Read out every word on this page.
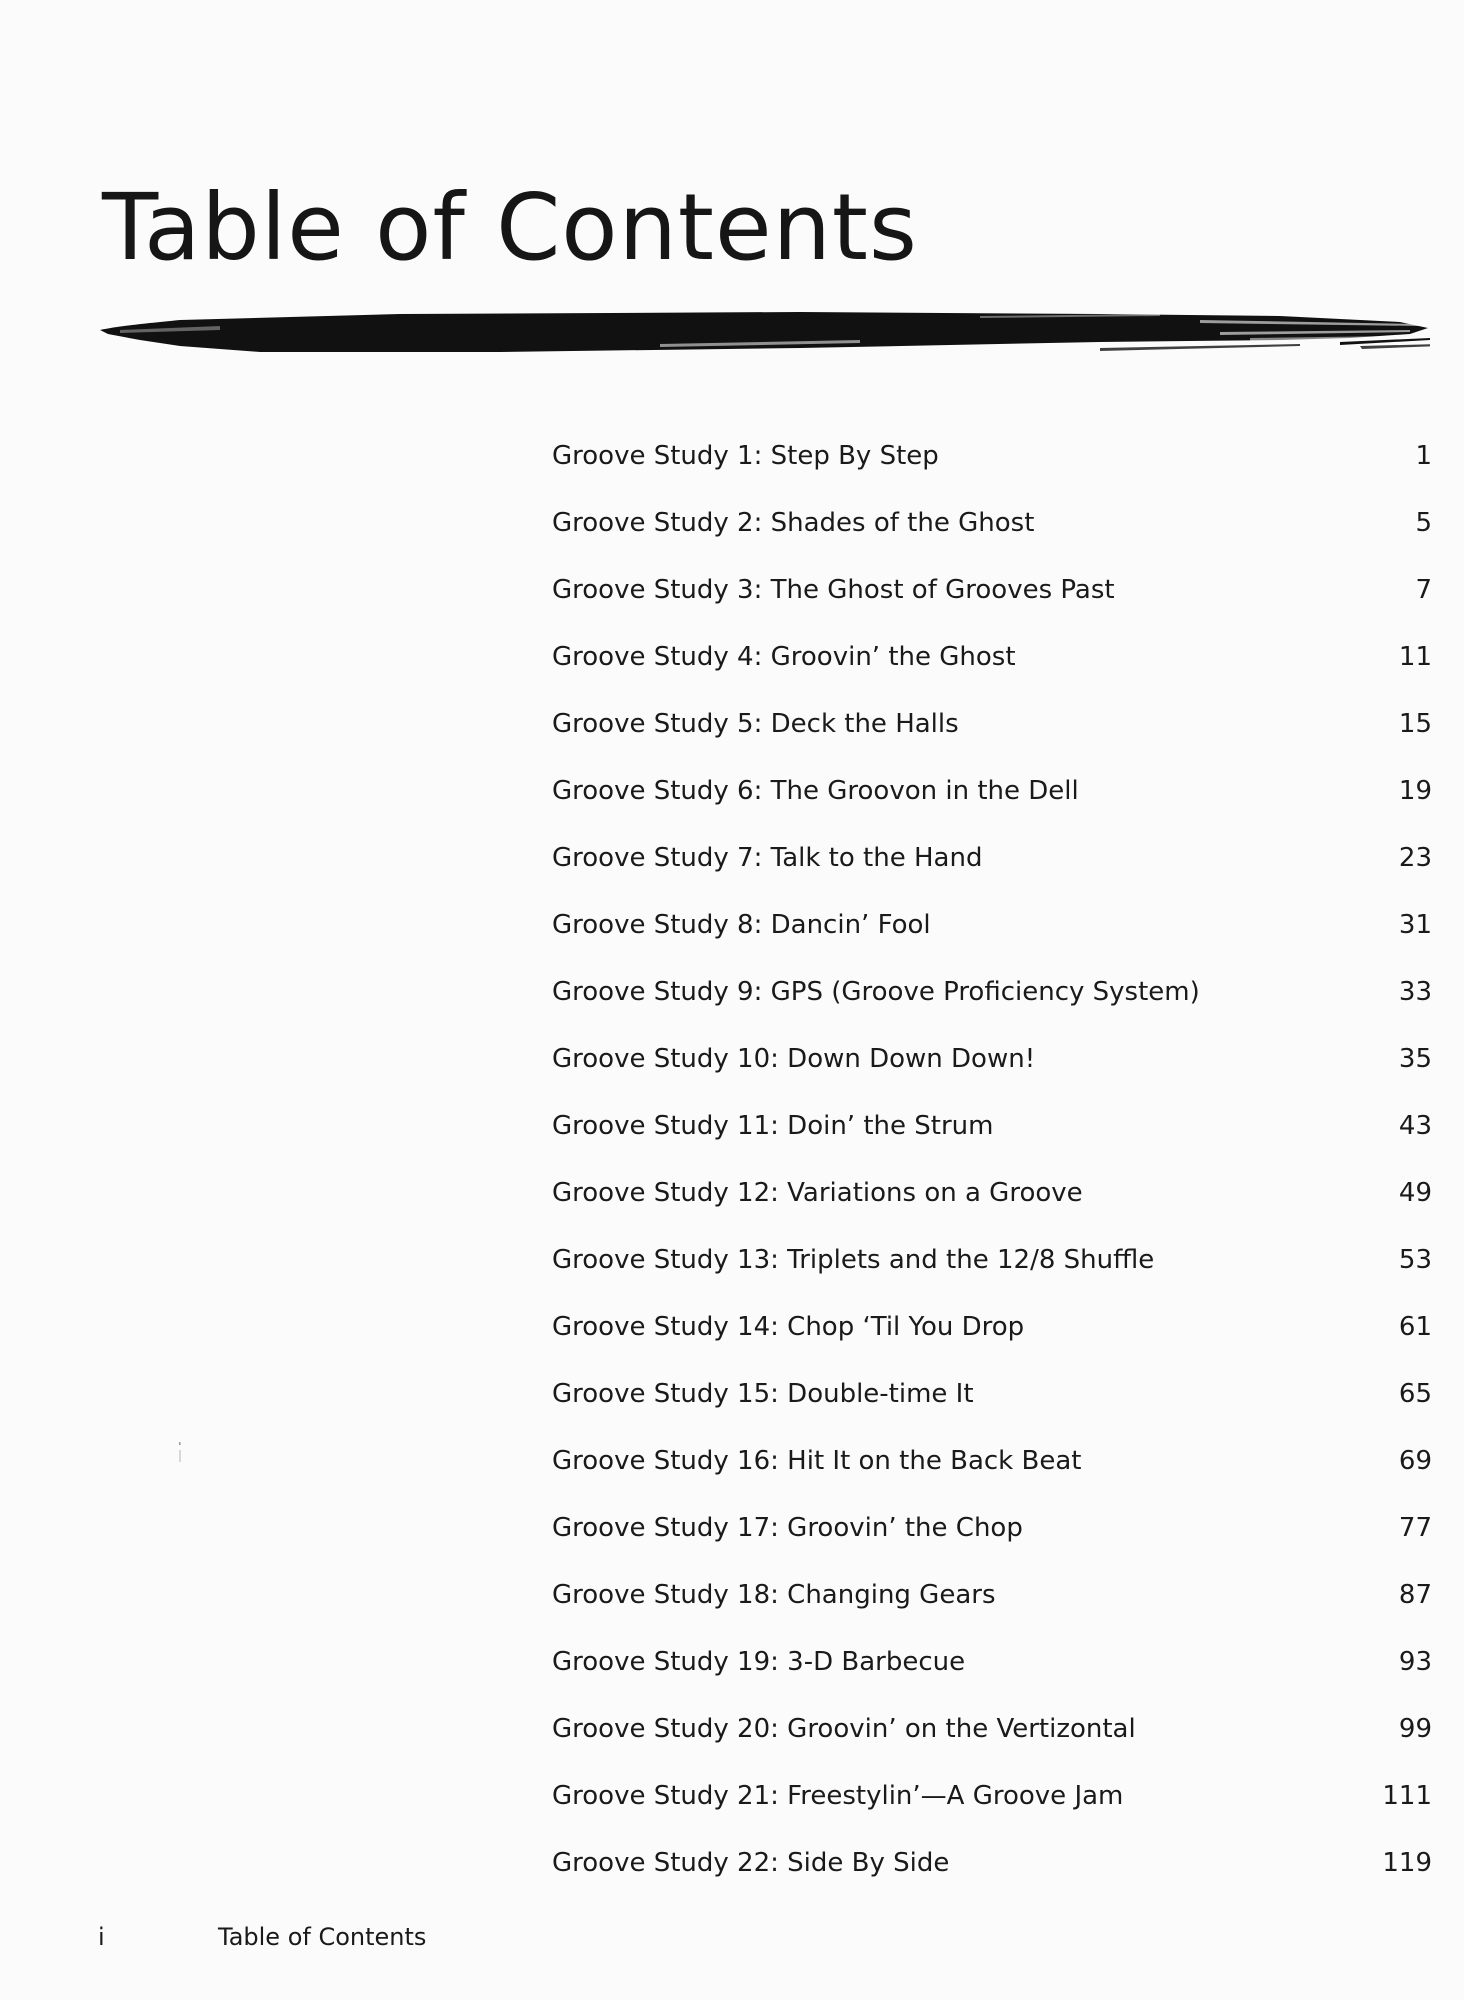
Table of Contents
Groove Study 1: Step By Step	1
Groove Study 2: Shades of the Ghost	5
Groove Study 3: The Ghost of Grooves Past	7
Groove Study 4: Groovin’ the Ghost	11
Groove Study 5: Deck the Halls	15
Groove Study 6: The Groovon in the Dell	19
Groove Study 7: Talk to the Hand	23
Groove Study 8: Dancin’ Fool	31
Groove Study 9: GPS (Groove Proficiency System)	33
Groove Study 10: Down Down Down!	35
Groove Study 11: Doin’ the Strum	43
Groove Study 12: Variations on a Groove	49
Groove Study 13: Triplets and the 12/8 Shuffle	53
Groove Study 14: Chop ‘Til You Drop	61
Groove Study 15: Double-time It	65
Groove Study 16: Hit It on the Back Beat	69
Groove Study 17: Groovin’ the Chop	77
Groove Study 18: Changing Gears	87
Groove Study 19: 3-D Barbecue	93
Groove Study 20: Groovin’ on the Vertizontal	99
Groove Study 21: Freestylin’—A Groove Jam	111
Groove Study 22: Side By Side	119
i	Table of Contents
